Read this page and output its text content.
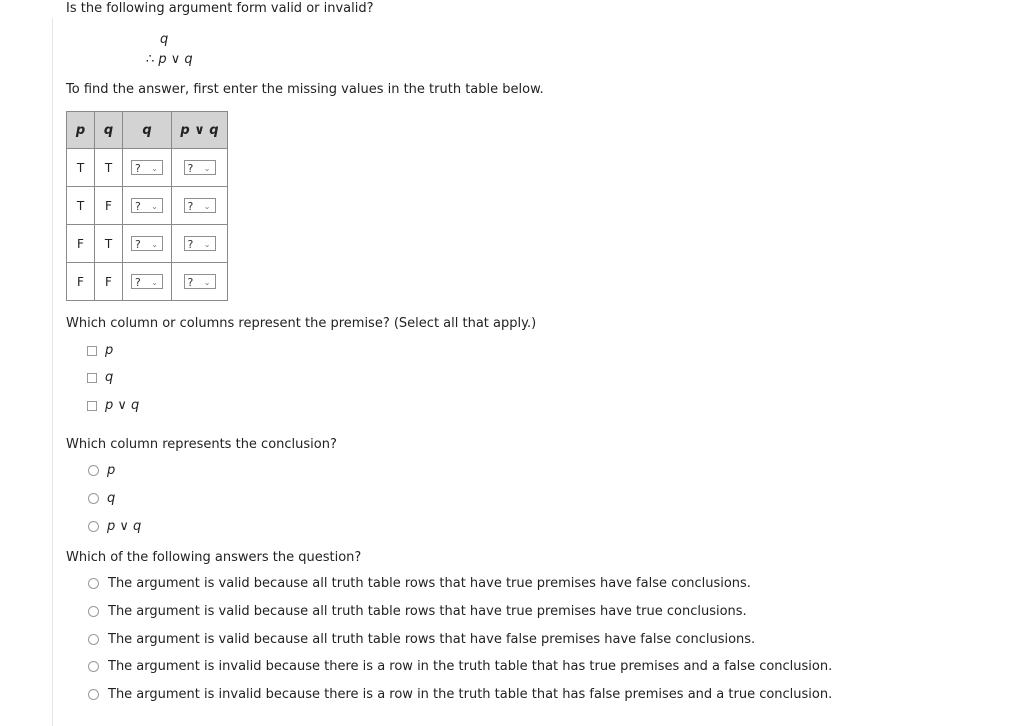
Is the following argument form valid or invalid?
q
∴ p ∨ q
To find the answer, first enter the missing values in the truth table below.
p	q	q	p ∨ q
T	T	? ⌄	? ⌄

T	F	? ⌄	? ⌄

F	T	? ⌄	? ⌄

F	F	? ⌄	? ⌄
Which column or columns represent the premise? (Select all that apply.)
p
q
p ∨ q
Which column represents the conclusion?
p
q
p ∨ q
Which of the following answers the question?
The argument is valid because all truth table rows that have true premises have false conclusions.
The argument is valid because all truth table rows that have true premises have true conclusions.
The argument is valid because all truth table rows that have false premises have false conclusions.
The argument is invalid because there is a row in the truth table that has true premises and a false conclusion.
The argument is invalid because there is a row in the truth table that has false premises and a true conclusion.
